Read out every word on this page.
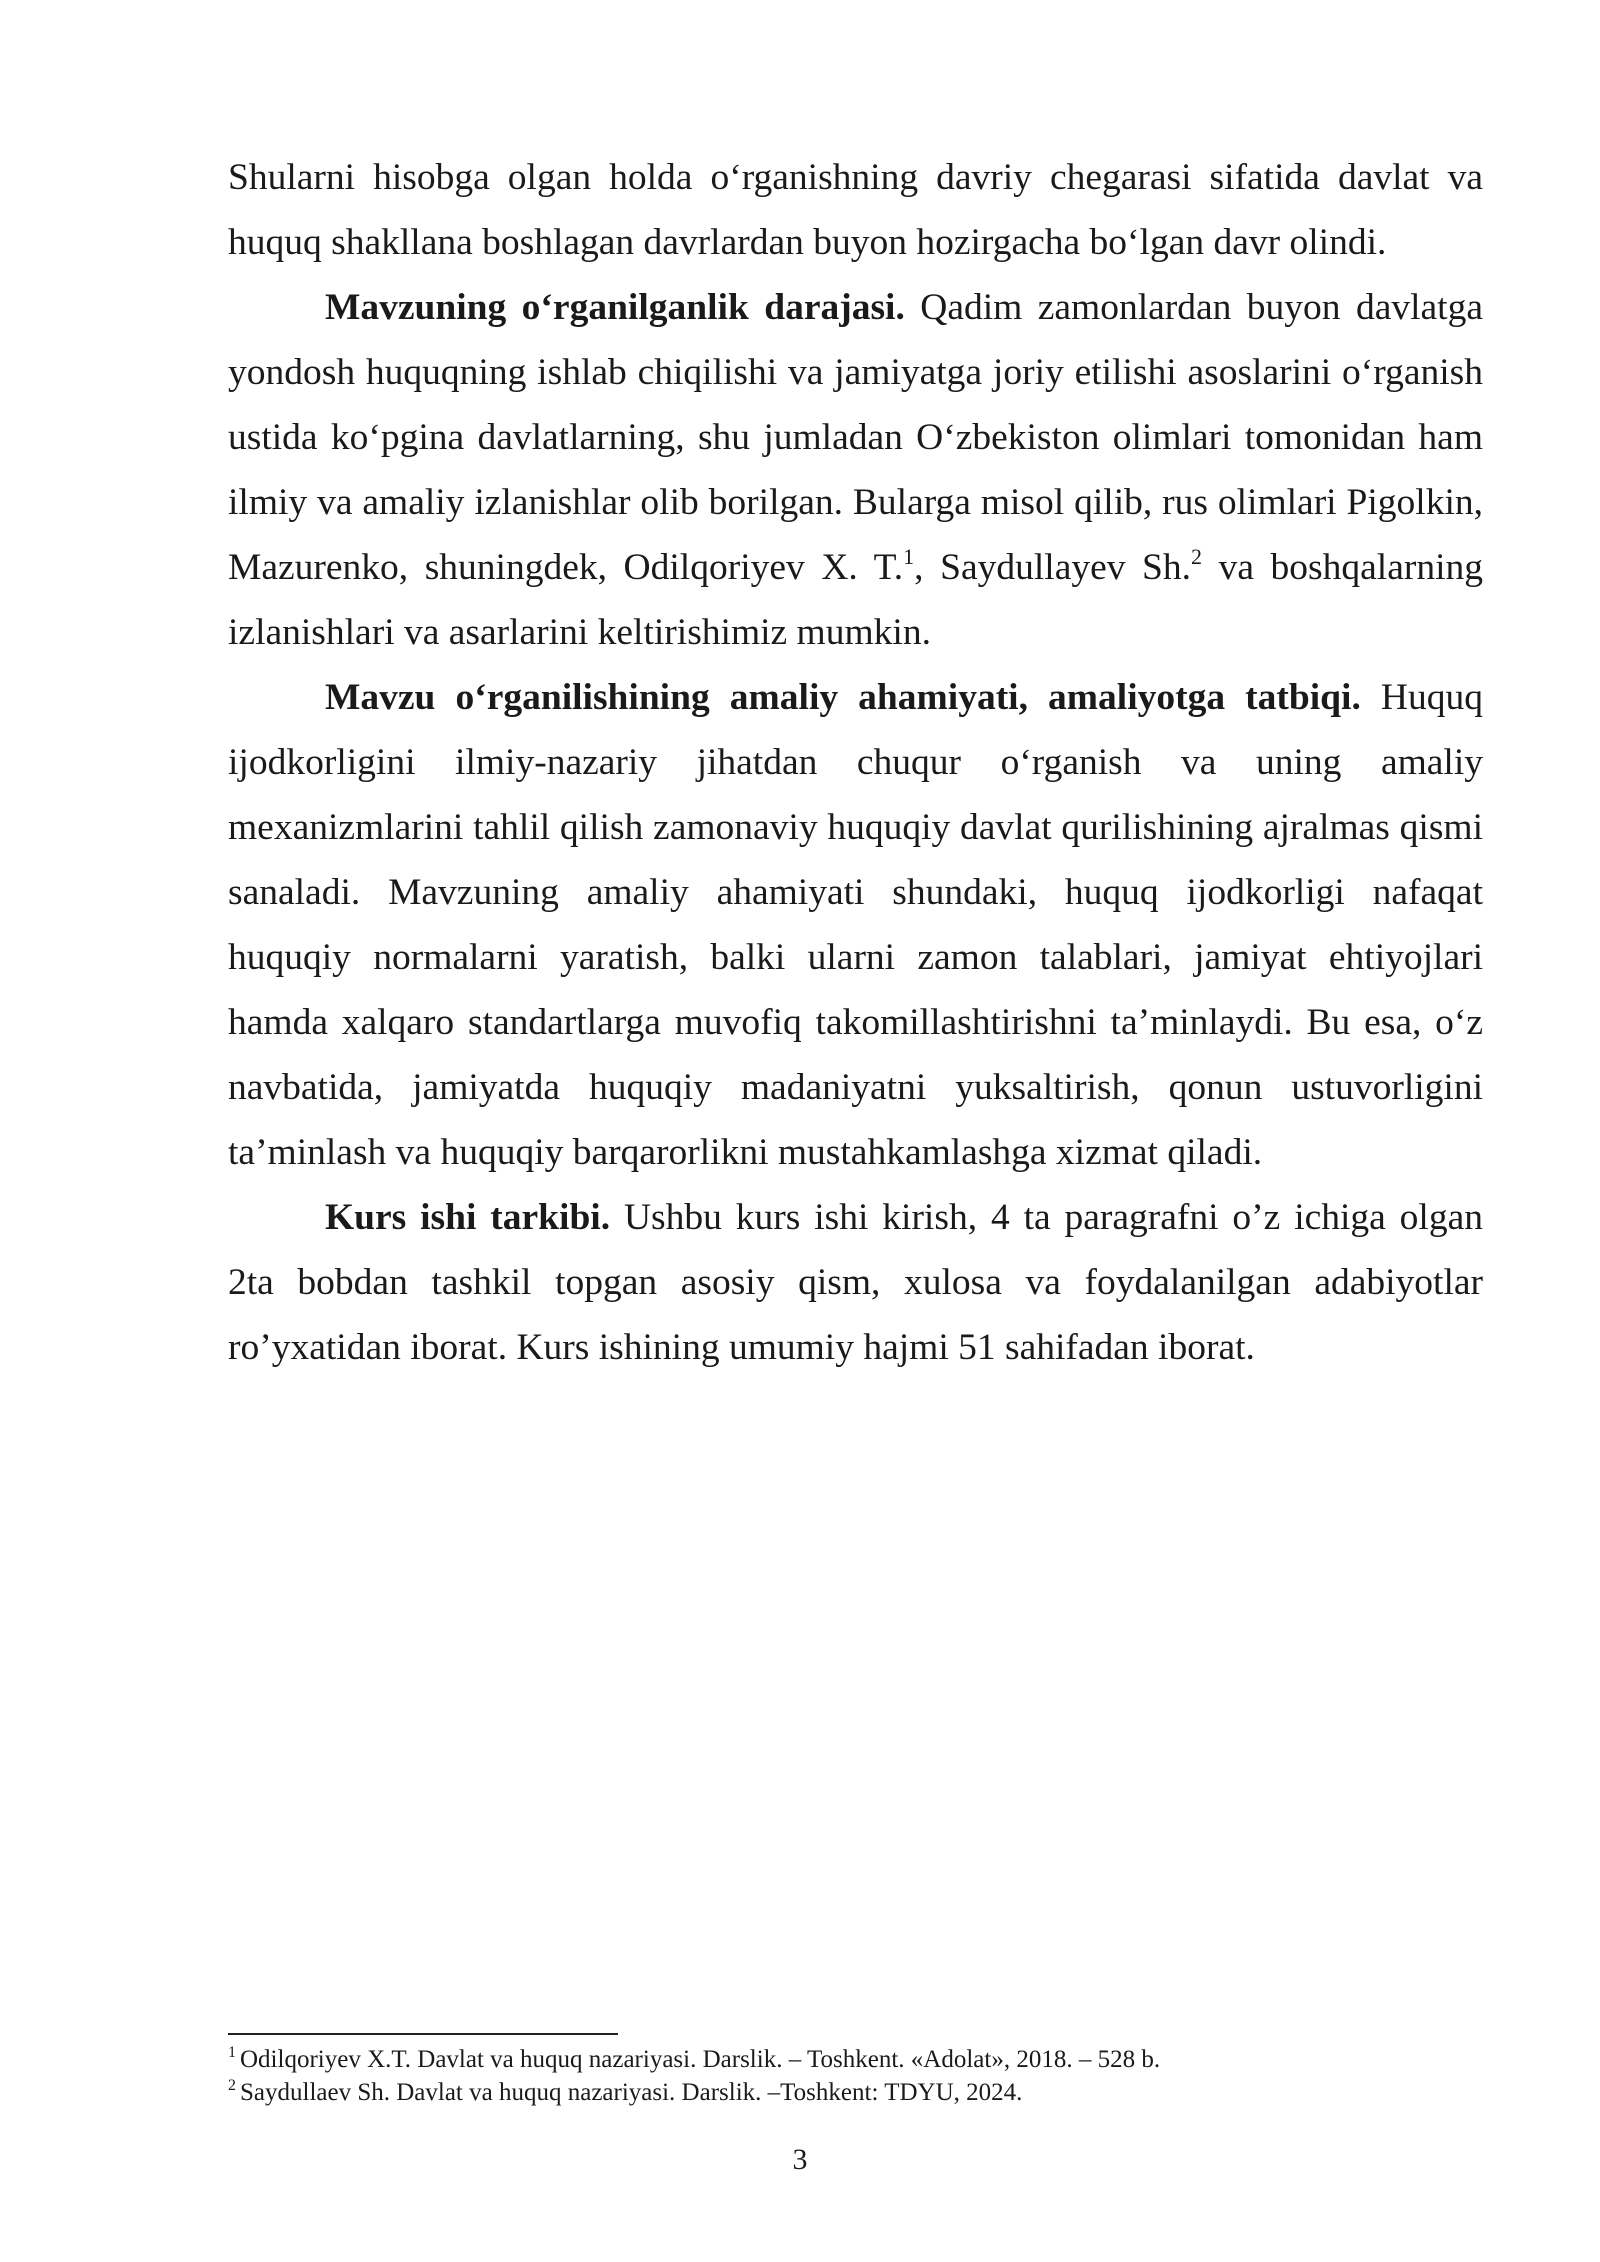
Shularni hisobga olgan holda o‘rganishning davriy chegarasi sifatida davlat va huquq shakllana boshlagan davrlardan buyon hozirgacha bo‘lgan davr olindi.

Mavzuning o‘rganilganlik darajasi. Qadim zamonlardan buyon davlatga yondosh huquqning ishlab chiqilishi va jamiyatga joriy etilishi asoslarini o‘rganish ustida ko‘pgina davlatlarning, shu jumladan O‘zbekiston olimlari tomonidan ham ilmiy va amaliy izlanishlar olib borilgan. Bularga misol qilib, rus olimlari Pigolkin, Mazurenko, shuningdek, Odilqoriyev X. T.$^1$, Saydullayev Sh.$^2$ va boshqalarning izlanishlari va asarlarini keltirishimiz mumkin.

Mavzu o‘rganilishining amaliy ahamiyati, amaliyotga tatbiqi. Huquq ijodkorligini ilmiy-nazariy jihatdan chuqur o‘rganish va uning amaliy mexanizmlarini tahlil qilish zamonaviy huquqiy davlat qurilishining ajralmas qismi sanaladi. Mavzuning amaliy ahamiyati shundaki, huquq ijodkorligi nafaqat huquqiy normalarni yaratish, balki ularni zamon talablari, jamiyat ehtiyojlari hamda xalqaro standartlarga muvofiq takomillashtirishni ta’minlaydi. Bu esa, o‘z navbatida, jamiyatda huquqiy madaniyatni yuksaltirish, qonun ustuvorligini ta’minlash va huquqiy barqarorlikni mustahkamlashga xizmat qiladi.

Kurs ishi tarkibi. Ushbu kurs ishi kirish, 4 ta paragrafni o’z ichiga olgan 2ta bobdan tashkil topgan asosiy qism, xulosa va foydalanilgan adabiyotlar ro’yxatidan iborat. Kurs ishining umumiy hajmi 51 sahifadan iborat.

$^1$ Odilqoriyev X.T. Davlat va huquq nazariyasi. Darslik. – Toshkent. «Adolat», 2018. – 528 b.

$^2$ Saydullaev Sh. Davlat va huquq nazariyasi. Darslik. –Toshkent: TDYU, 2024.

3
